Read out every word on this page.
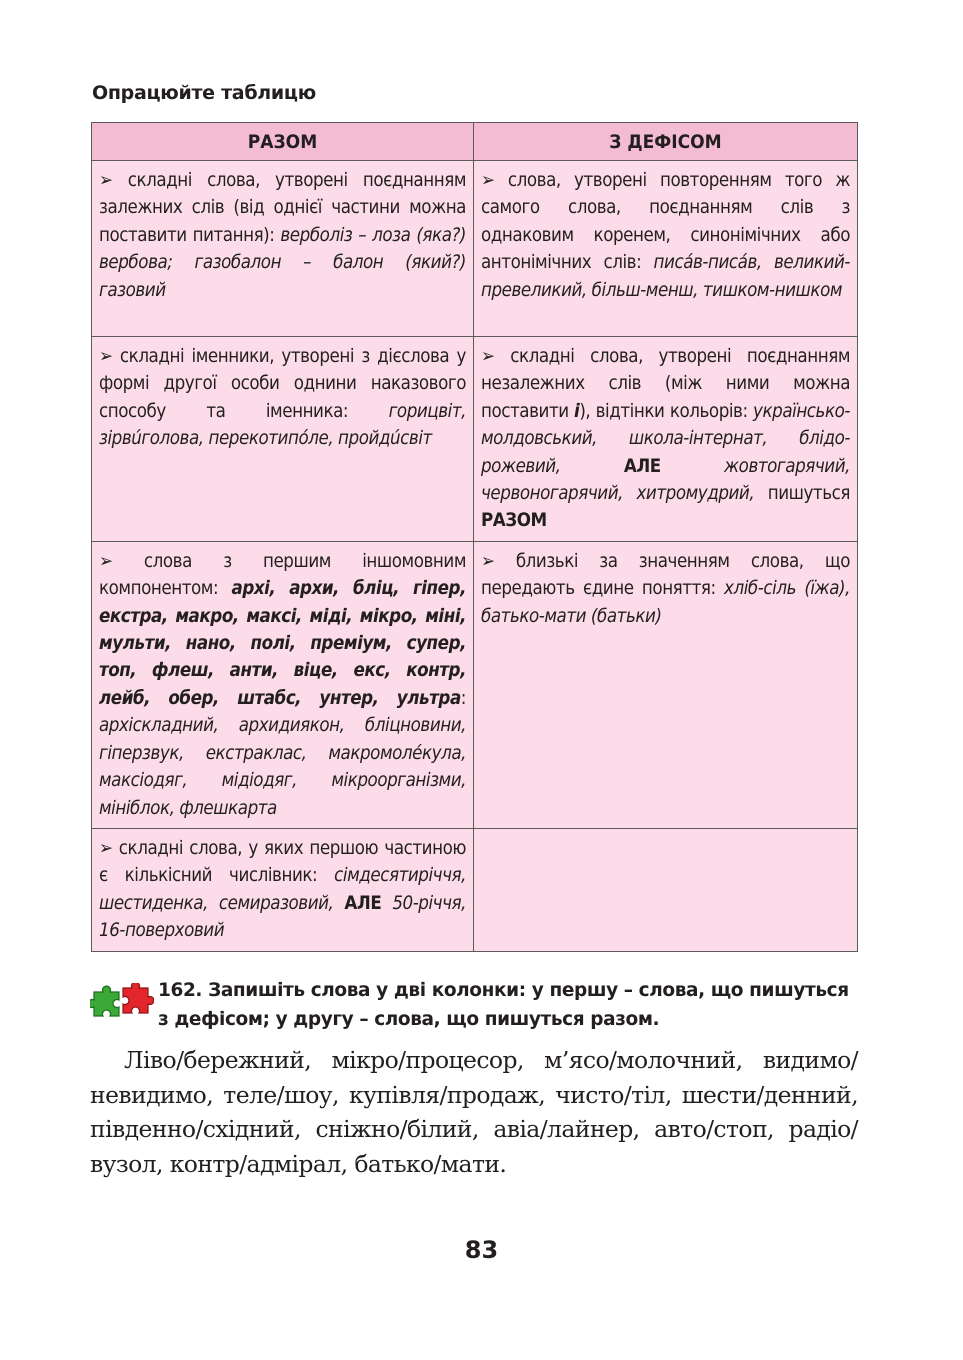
Опрацюйте таблицю
РАЗОМ	З ДЕФІСОМ
➢ складні слова, утворені поєднанням залежних слів (від однієї частини можна поставити питання): верболіз – лоза (яка?) вербова; газобалон – балон (який?) газовий	➢ слова, утворені повторенням того ж самого слова, поєднанням слів з однаковим коренем, синонімічних або антонімічних слів: писáв-писáв, великий-превеликий, більш-менш, тишком-нишком
➢ складні іменники, утворені з дієслова у формі другої особи однини наказового способу та іменника: горицвіт, зірвúголова, перекотипóле, пройдúсвіт	➢ складні слова, утворені поєднанням незалежних слів (між ними можна поставити і), відтінки кольорів: українсько-молдовський, школа-інтернат, блідо-рожевий, АЛЕ жовтогарячий, червоногарячий, хитромудрий, пишуться РАЗОМ
➢ слова з першим іншомовним компонентом: архі, архи, бліц, гіпер, екстра, макро, максі, міді, мікро, міні, мульти, нано, полі, преміум, супер, топ, флеш, анти, віце, екс, контр, лейб, обер, штабс, унтер, ультра: архіскладний, архидиякон, бліцновини, гіперзвук, екстраклас, макромолéкула, максіодяг, мідіодяг, мікроорганізми, мініблок, флешкарта	➢ близькі за значенням слова, що передають єдине поняття: хліб-сіль (їжа), батько-мати (батьки)
➢ складні слова, у яких першою частиною є кількісний числівник: сімдесятиріччя, шестиденка, семиразовий, АЛЕ 50-річчя, 16-поверховий	
162. Запишіть слова у дві колонки: у першу – слова, що пишуться з дефісом; у другу – слова, що пишуться разом.
Ліво/бережний, мікро/процесор, м’ясо/молочний, видимо/невидимо, теле/шоу, купівля/продаж, чисто/тіл, шести/денний, південно/східний, сніжно/білий, авіа/лайнер, авто/стоп, радіо/вузол, контр/адмірал, батько/мати.
83
